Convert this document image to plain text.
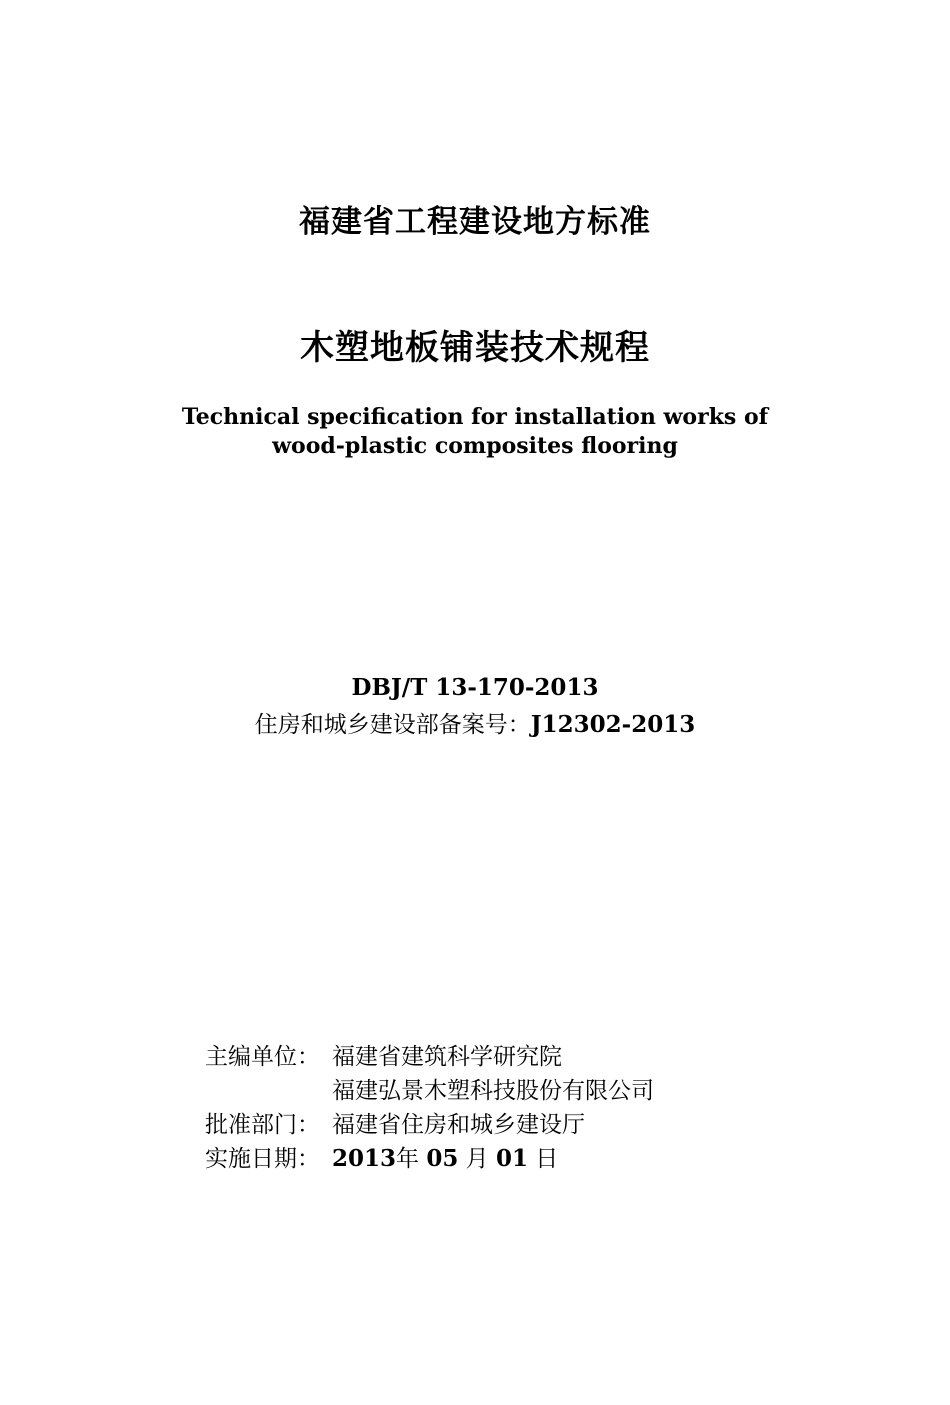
福建省工程建设地方标准
木塑地板铺装技术规程
Technical specification for installation works of
wood-plastic composites flooring
DBJ/T 13-170-2013
住房和城乡建设部备案号：J12302-2013
主编单位： 福建省建筑科学研究院
福建弘景木塑科技股份有限公司
批准部门： 福建省住房和城乡建设厅
实施日期： 2013年 05 月 01 日
